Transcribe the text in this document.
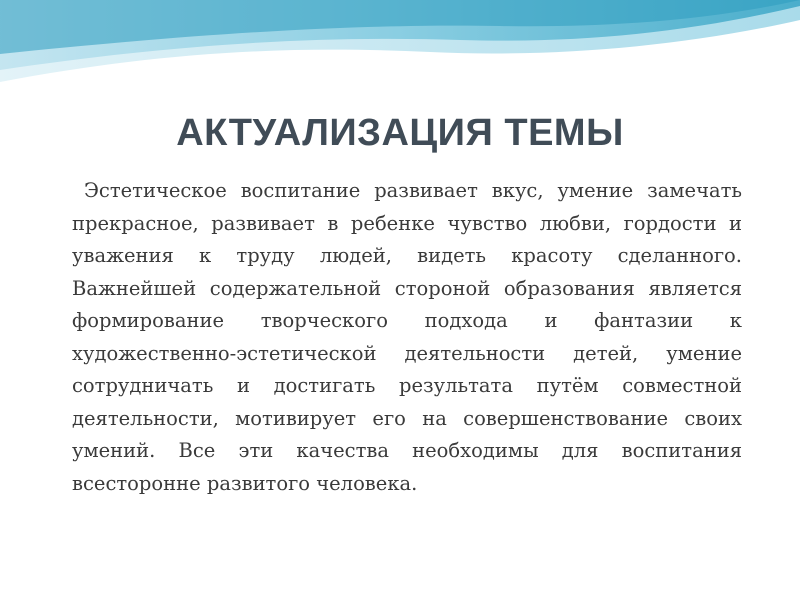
АКТУАЛИЗАЦИЯ ТЕМЫ

Эстетическое воспитание развивает вкус, умение замечать прекрасное, развивает в ребенке чувство любви, гордости и уважения к труду людей, видеть красоту сделанного. Важнейшей содержательной стороной образования является формирование творческого подхода и фантазии к художественно-эстетической деятельности детей, умение сотрудничать и достигать результата путём совместной деятельности, мотивирует его на совершенствование своих умений. Все эти качества необходимы для воспитания всесторонне развитого человека.
